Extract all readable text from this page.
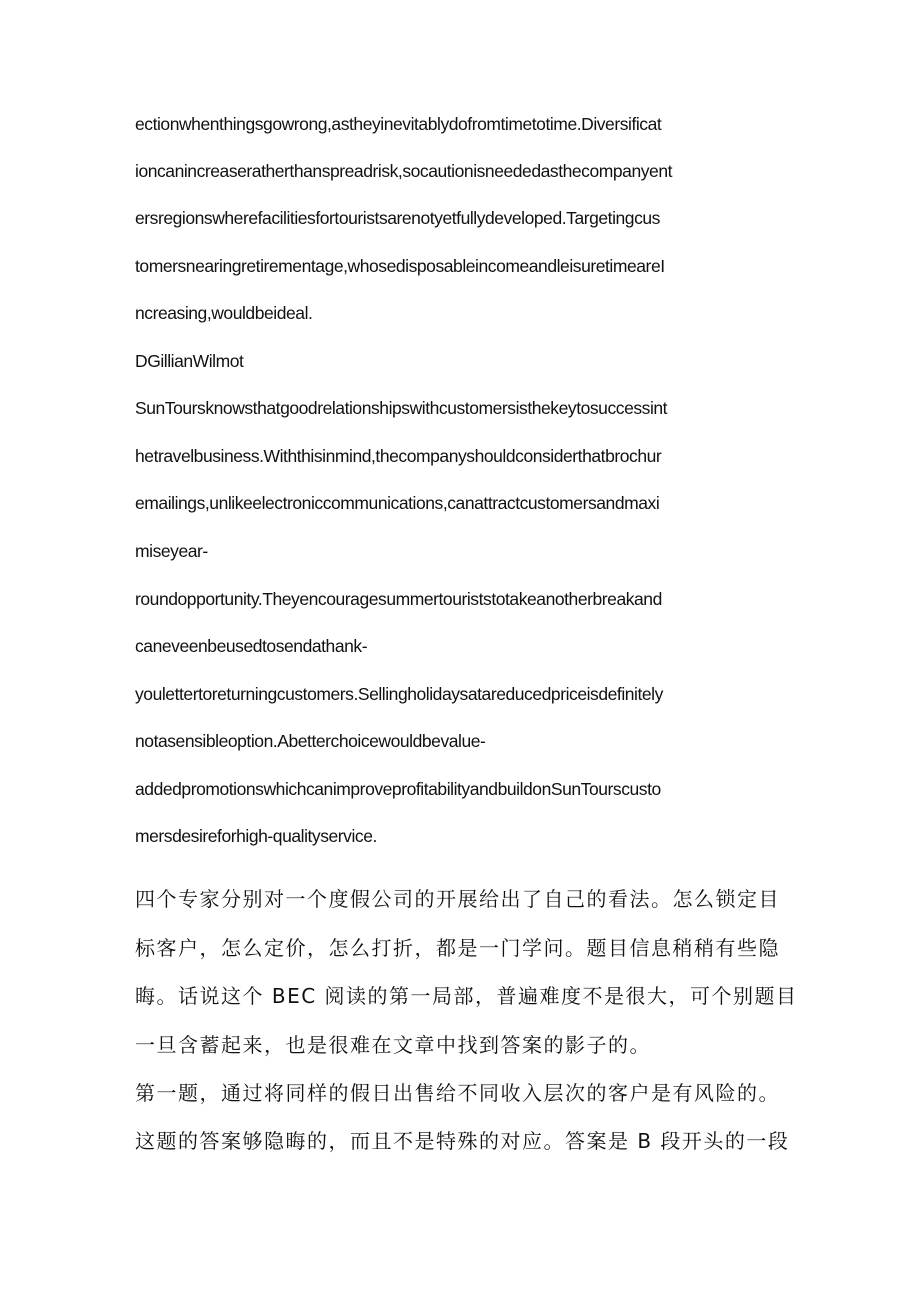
ectionwhenthingsgowrong,astheyinevitablydofromtimetotime.Diversificat
ioncanincreaseratherthanspreadrisk,socautionisneededasthecompanyent
ersregionswherefacilitiesfortouristsarenotyetfullydeveloped.Targetingcus
tomersnearingretirementage,whosedisposableincomeandleisuretimeareI
ncreasing,wouldbeideal.
DGillianWilmot
SunToursknowsthatgoodrelationshipswithcustomersisthekeytosuccessint
hetravelbusiness.Withthisinmind,thecompanyshouldconsiderthatbrochur
emailings,unlikeelectroniccommunications,canattractcustomersandmaxi
miseyear-
roundopportunity.Theyencouragesummertouriststotakeanotherbreakand
caneveenbeusedtosendathank-
youlettertoreturningcustomers.Sellingholidaysatareducedpriceisdefinitely
notasensibleoption.Abetterchoicewouldbevalue-
addedpromotionswhichcanimproveprofitabilityandbuildonSunTourscusto
mersdesireforhigh-qualityservice.
四个专家分别对一个度假公司的开展给出了自己的看法。怎么锁定目
标客户，怎么定价，怎么打折，都是一门学问。题目信息稍稍有些隐
晦。话说这个 BEC 阅读的第一局部，普遍难度不是很大，可个别题目
一旦含蓄起来，也是很难在文章中找到答案的影子的。
第一题，通过将同样的假日出售给不同收入层次的客户是有风险的。
这题的答案够隐晦的，而且不是特殊的对应。答案是 B 段开头的一段
